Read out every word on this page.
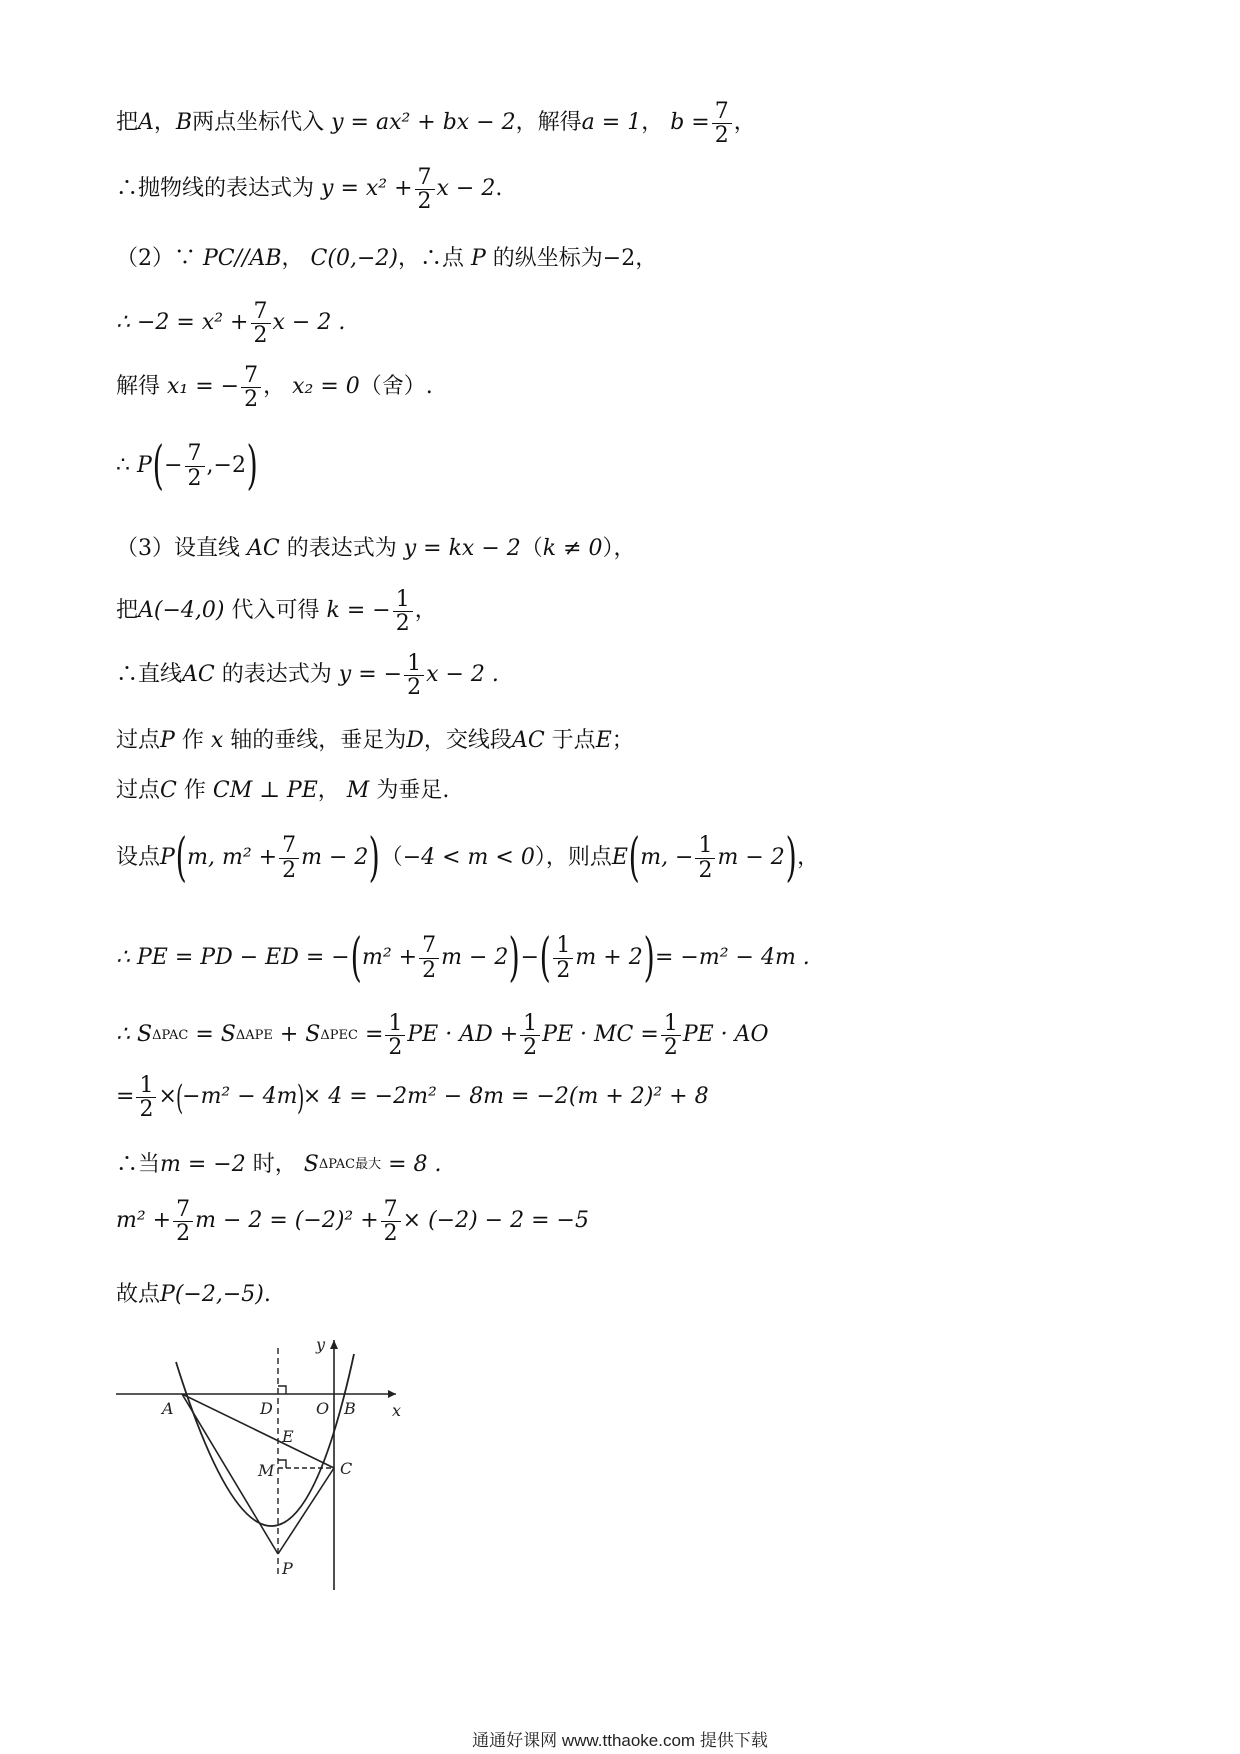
把 A ， B 两点坐标代入
y = ax² + bx − 2 ，解得 a = 1 ，
$b = \frac{7}{2}$ ，
∴抛物线的表达式为
$y = x^2 + \frac{7}{2}$ x − 2 .
（2）∵
PC//AB ，
C(0,−2) ，∴点
P
的纵坐标为−2，
∴ $-2 = x^2 + \frac{7}{2}$ x − 2 .
解得
x₁ = − $\frac{7}{2}$ ，
x₂ = 0 （舍）.
∴
P ( − $\frac{7}{2} ,-2$ )
（3）设直线
AC
的表达式为
y = kx − 2 （ k ≠ 0 ），
把 A(−4,0)
代入可得
k = − $\frac{1}{2}$ ，
∴直线 AC
的表达式为
y = − $\frac{1}{2}$ x − 2 .
过点 P
作
x
轴的垂线，垂足为 D ，交线段 AC
于点 E ；
过点 C
作
CM ⊥ PE ，
M
为垂足.
设点 P ( m, $m^2 + \frac{7}{2}$ m − 2 ) （ −4 < m < 0 ），则点 E ( m, − $\frac{1}{2}$ m − 2 ) ，
∴ PE = PD − ED = − ( $m^2 + \frac{7}{2}$ m − 2 ) − ( $\frac{1}{2}$ m + 2 ) = −m² − 4m .
∴ S ΔPAC
= S ΔAPE
+ S ΔPEC
= $\frac{1}{2}$ PE · AD + $\frac{1}{2}$ PE · MC = $\frac{1}{2}$ PE · AO
= $\frac{1}{2}$ ×
(
−m² − 4m
)
× 4 = −2m² − 8m = −2(m + 2)² + 8
∴当 m = −2
时，
S ΔPAC最大
= 8 .
$m^2 + \frac{7}{2}$ $m - 2 = (-2)^2 + \frac{7}{2} \times (-2) - 2 = -5$
故点 P(−2,−5) .
A	D	O B x
y
E
M	C
P
通通好课网 www.tthaoke.com 提供下载
